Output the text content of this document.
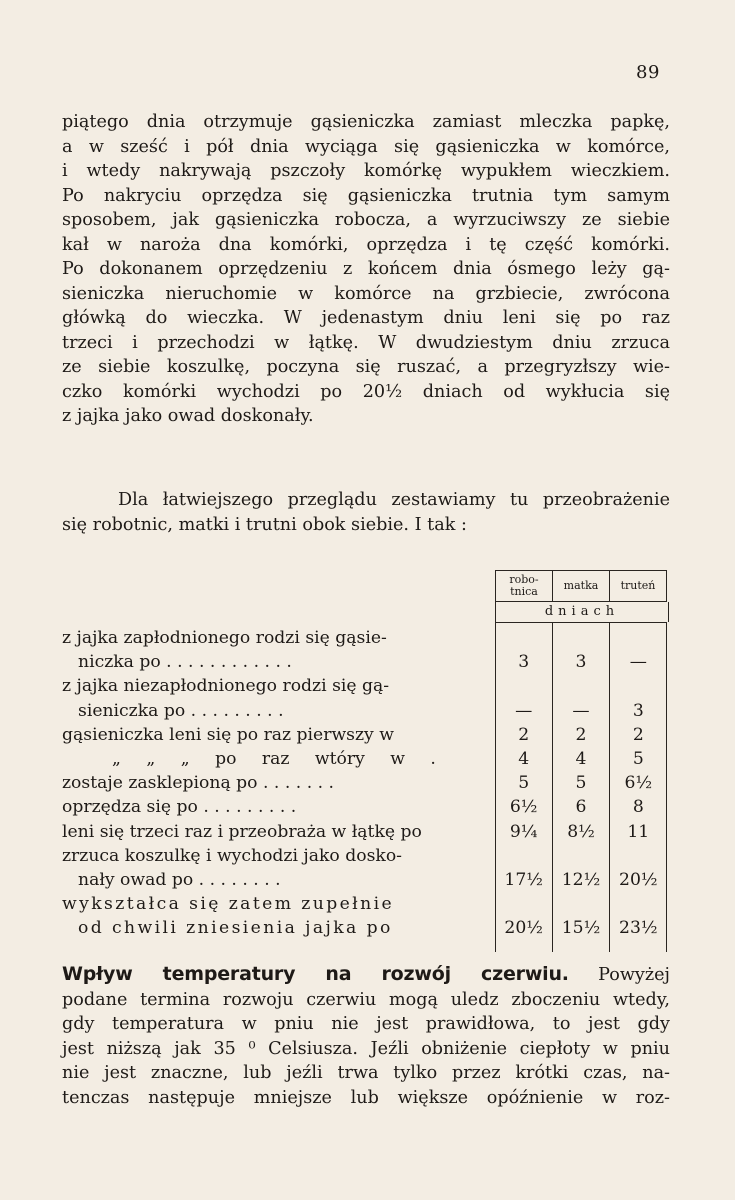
89

piątego dnia otrzymuje gąsieniczka zamiast mleczka papkę,

a w sześć i pół dnia wyciąga się gąsieniczka w komórce,

i wtedy nakrywają pszczoły komórkę wypukłem wieczkiem.

Po nakryciu oprzędza się gąsieniczka trutnia tym samym

sposobem, jak gąsieniczka robocza, a wyrzuciwszy ze siebie

kał w naroża dna komórki, oprzędza i tę część komórki.

Po dokonanem oprzędzeniu z końcem dnia ósmego leży gą-

sieniczka nieruchomie w komórce na grzbiecie, zwrócona

główką do wieczka. W jedenastym dniu leni się po raz

trzeci i przechodzi w łątkę. W dwudziestym dniu zrzuca

ze siebie koszulkę, poczyna się ruszać, a przegryzłszy wie-

czko komórki wychodzi po 20½ dniach od wykłucia się

z jajka jako owad doskonały.

Dla łatwiejszego przeglądu zestawiamy tu przeobrażenie

się robotnic, matki i trutni obok siebie. I tak :

robo-
tnica	matka	truteń
dniach
z jajka zapłodnionego rodzi się gąsie-
niczka po . . . . . . . . . . . .	3	3	—
z jajka niezapłodnionego rodzi się gą-
sieniczka po . . . . . . . . .	—	—	3
gąsieniczka leni się po raz pierwszy w	2	2	2
„ „ „ po raz wtóry w .	4	4	5
zostaje zasklepioną po . . . . . . .	5	5	6½
oprzędza się po . . . . . . . . .	6½	6	8
leni się trzeci raz i przeobraża w łątkę po	9¼	8½	11
zrzuca koszulkę i wychodzi jako dosko-
nały owad po . . . . . . . .	17½	12½	20½
wykształca się zatem zupełnie
od chwili zniesienia jajka po	20½	15½	23½

Wpływ temperatury na rozwój czerwiu. Powyżej

podane termina rozwoju czerwiu mogą uledz zboczeniu wtedy,

gdy temperatura w pniu nie jest prawidłowa, to jest gdy

jest niższą jak 35 ⁰ Celsiusza. Jeźli obniżenie ciepłoty w pniu

nie jest znaczne, lub jeźli trwa tylko przez krótki czas, na-

tenczas następuje mniejsze lub większe opóźnienie w roz-
